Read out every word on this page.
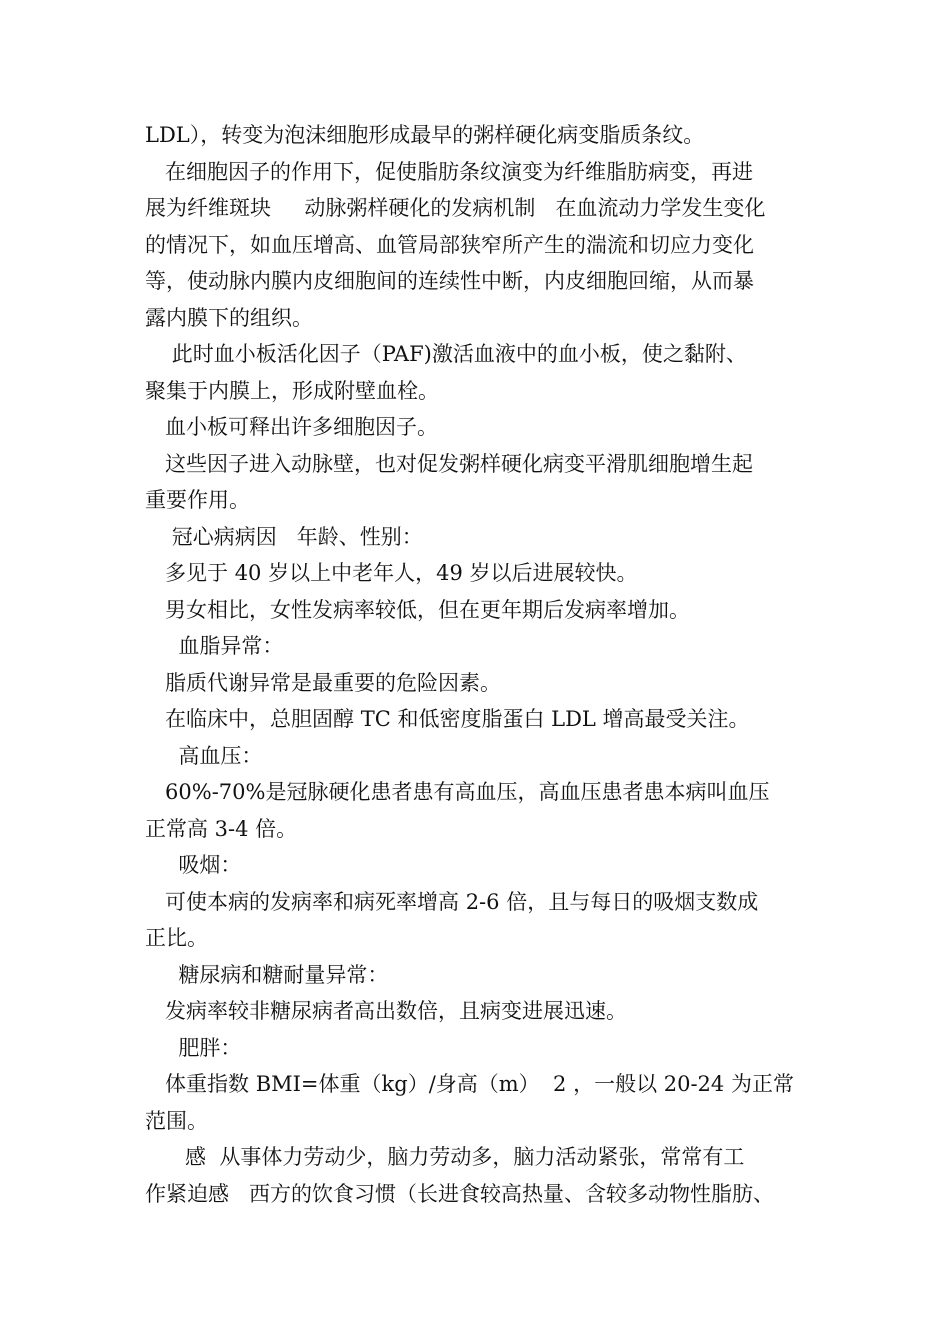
LDL），转变为泡沫细胞形成最早的粥样硬化病变脂质条纹。
在细胞因子的作用下，促使脂肪条纹演变为纤维脂肪病变，再进
展为纤维斑块     动脉粥样硬化的发病机制   在血流动力学发生变化
的情况下，如血压增高、血管局部狭窄所产生的湍流和切应力变化
等，使动脉内膜内皮细胞间的连续性中断，内皮细胞回缩，从而暴
露内膜下的组织。
此时血小板活化因子（PAF)激活血液中的血小板，使之黏附、
聚集于内膜上，形成附壁血栓。
血小板可释出许多细胞因子。
这些因子进入动脉壁，也对促发粥样硬化病变平滑肌细胞增生起
重要作用。
冠心病病因   年龄、性别：
多见于 40 岁以上中老年人，49 岁以后进展较快。
男女相比，女性发病率较低，但在更年期后发病率增加。
血脂异常：
脂质代谢异常是最重要的危险因素。
在临床中，总胆固醇 TC 和低密度脂蛋白 LDL 增高最受关注。
高血压：
60%-70%是冠脉硬化患者患有高血压，高血压患者患本病叫血压
正常高 3-4 倍。
吸烟：
可使本病的发病率和病死率增高 2-6 倍，且与每日的吸烟支数成
正比。
糖尿病和糖耐量异常：
发病率较非糖尿病者高出数倍，且病变进展迅速。
肥胖：
体重指数 BMI=体重（kg）/身高（m）  2 ，一般以 20-24 为正常
范围。
感  从事体力劳动少，脑力劳动多，脑力活动紧张，常常有工
作紧迫感   西方的饮食习惯（长进食较高热量、含较多动物性脂肪、
